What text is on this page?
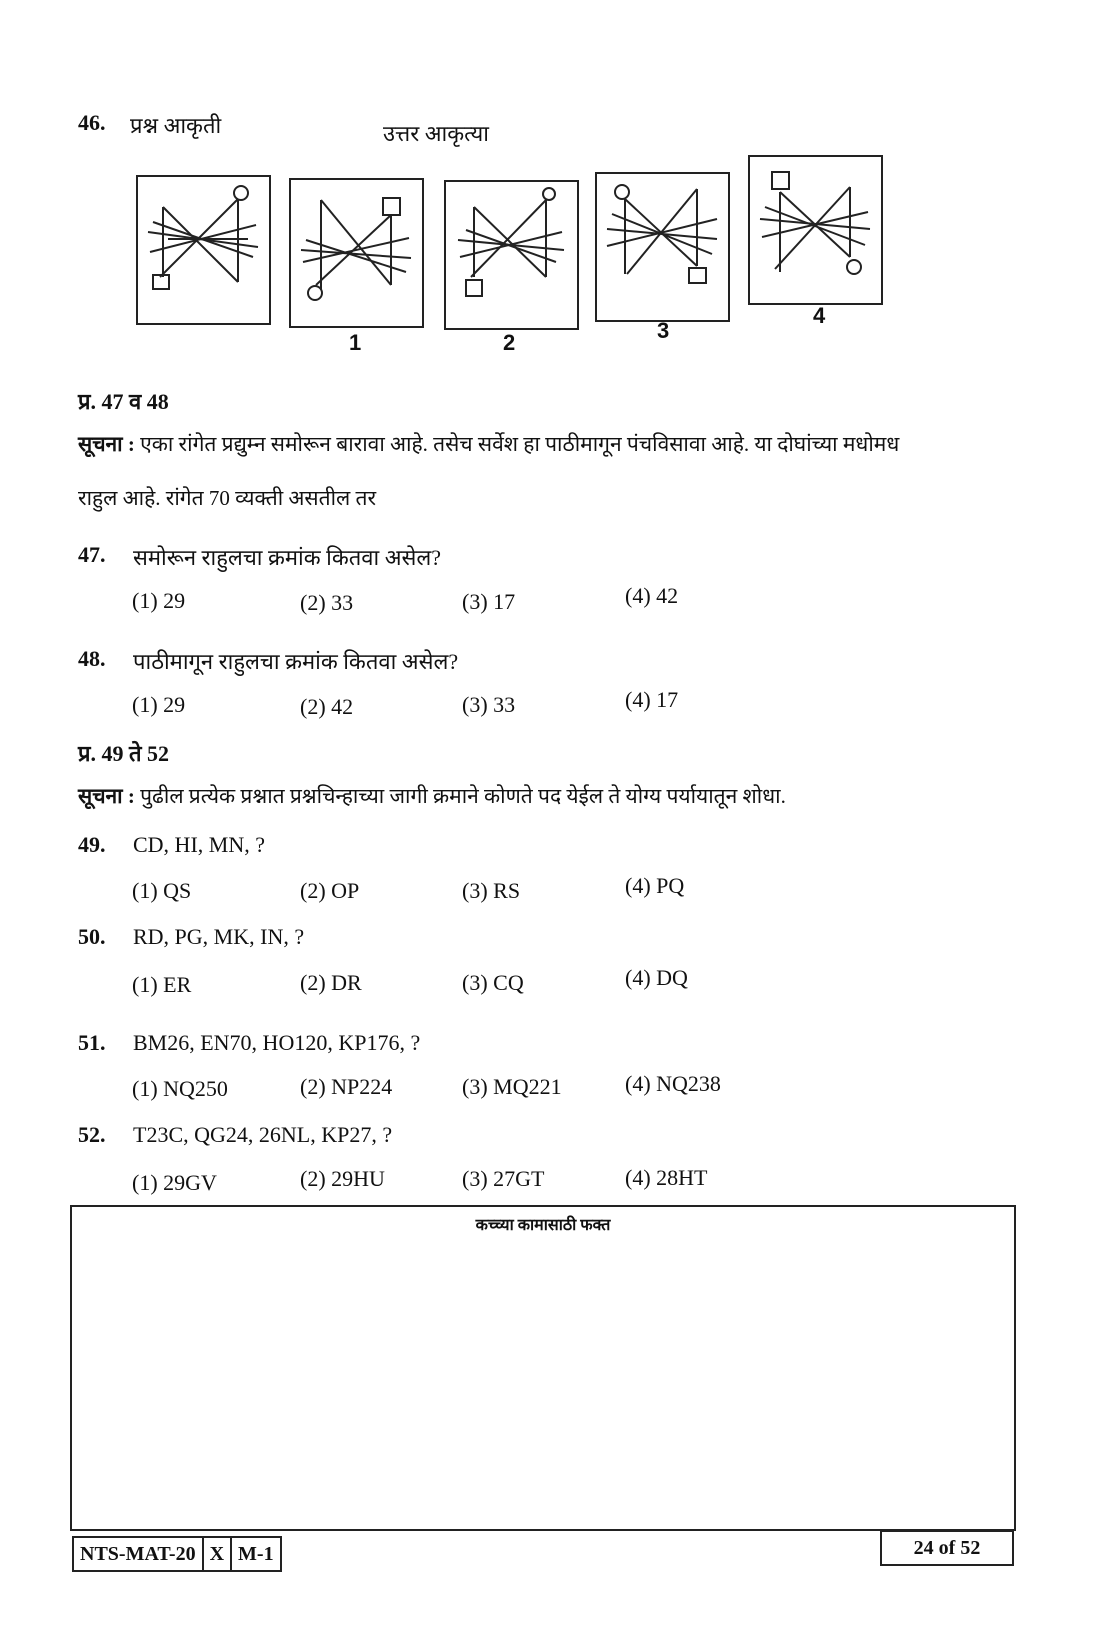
46. प्रश्न आकृती	उत्तर आकृत्या
1	2	3
4
प्र. 47 व 48
सूचना : एका रांगेत प्रद्युम्न समोरून बारावा आहे. तसेच सर्वेश हा पाठीमागून पंचविसावा आहे. या दोघांच्या मधोमध
राहुल आहे. रांगेत 70 व्यक्ती असतील तर
47. समोरून राहुलचा क्रमांक कितवा असेल?
(1) 29	(2) 33	(3) 17	(4) 42
48. पाठीमागून राहुलचा क्रमांक कितवा असेल?
(1) 29	(2) 42	(3) 33	(4) 17
प्र. 49 ते 52
सूचना : पुढील प्रत्येक प्रश्नात प्रश्नचिन्हाच्या जागी क्रमाने कोणते पद येईल ते योग्य पर्यायातून शोधा.
49. CD, HI, MN, ?
(1) QS	(2) OP	(3) RS	(4) PQ
50. RD, PG, MK, IN, ?
(1) ER	(2) DR	(3) CQ	(4) DQ
51. BM26, EN70, HO120, KP176, ?
(1) NQ250	(2) NP224	(3) MQ221	(4) NQ238
52. T23C, QG24, 26NL, KP27, ?
(1) 29GV	(2) 29HU	(3) 27GT	(4) 28HT
कच्च्या कामासाठी फक्त
NTS-MAT-20 X M-1	24 of 52
